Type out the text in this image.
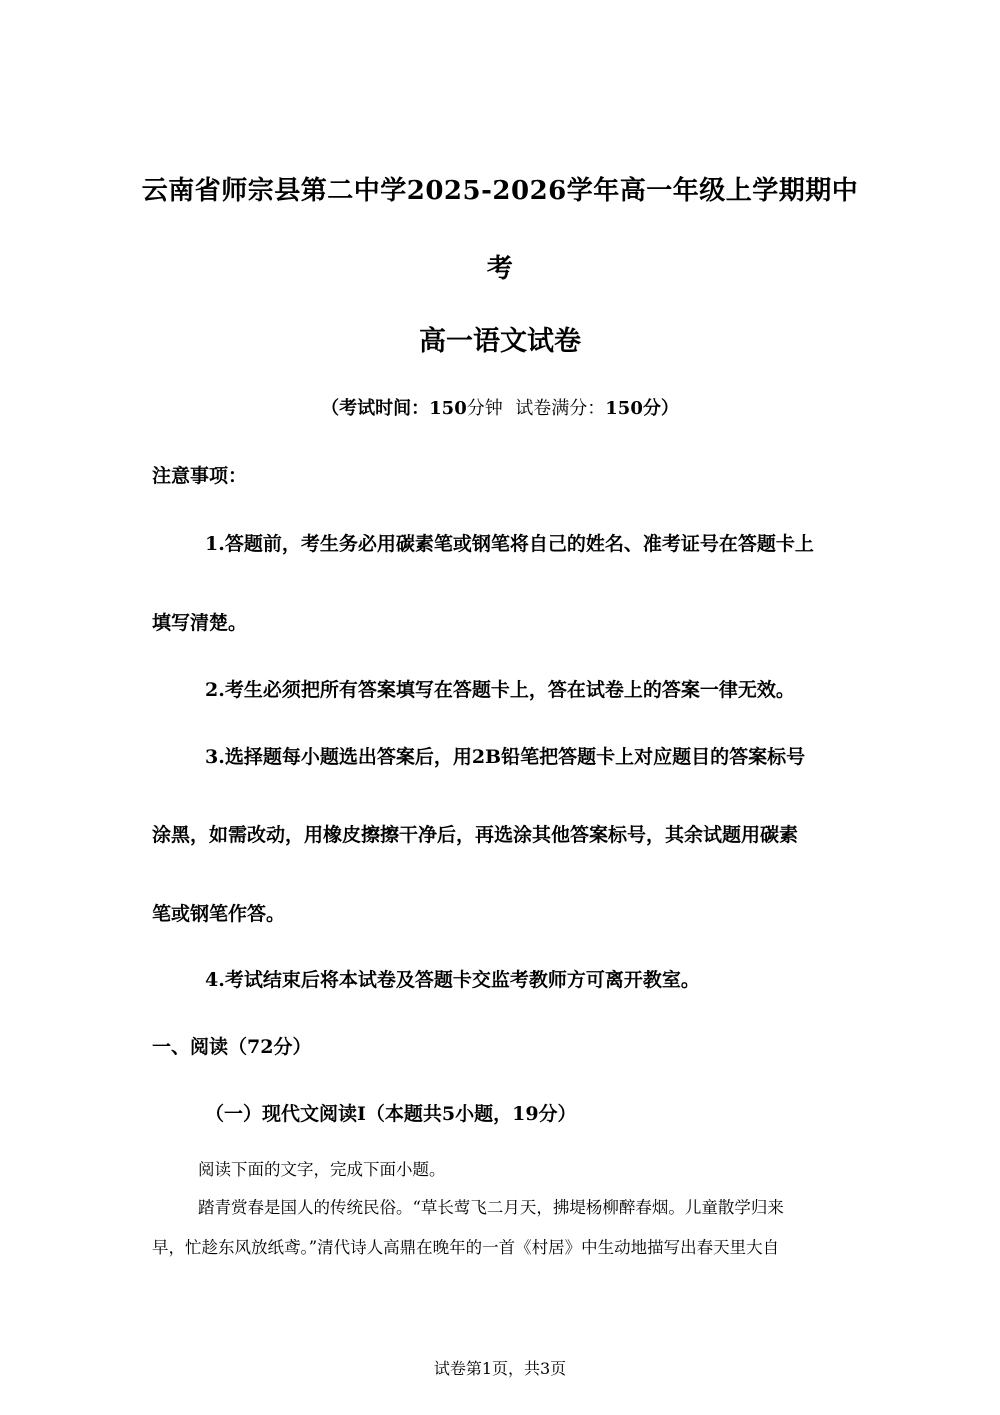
云南省师宗县第二中学2025-2026学年高一年级上学期期中
考
高一语文试卷
（考试时间：150分钟 试卷满分：150分）
注意事项：
1.答题前，考生务必用碳素笔或钢笔将自己的姓名、准考证号在答题卡上
填写清楚。
2.考生必须把所有答案填写在答题卡上，答在试卷上的答案一律无效。
3.选择题每小题选出答案后，用2B铅笔把答题卡上对应题目的答案标号
涂黑，如需改动，用橡皮擦擦干净后，再选涂其他答案标号，其余试题用碳素
笔或钢笔作答。
4.考试结束后将本试卷及答题卡交监考教师方可离开教室。
一、阅读（72分）
（一）现代文阅读Ⅰ（本题共5小题，19分）
阅读下面的文字，完成下面小题。
踏青赏春是国人的传统民俗。“草长莺飞二月天，拂堤杨柳醉春烟。儿童散学归来
早，忙趁东风放纸鸢。”清代诗人高鼎在晚年的一首《村居》中生动地描写出春天里大自
试卷第1页，共3页
